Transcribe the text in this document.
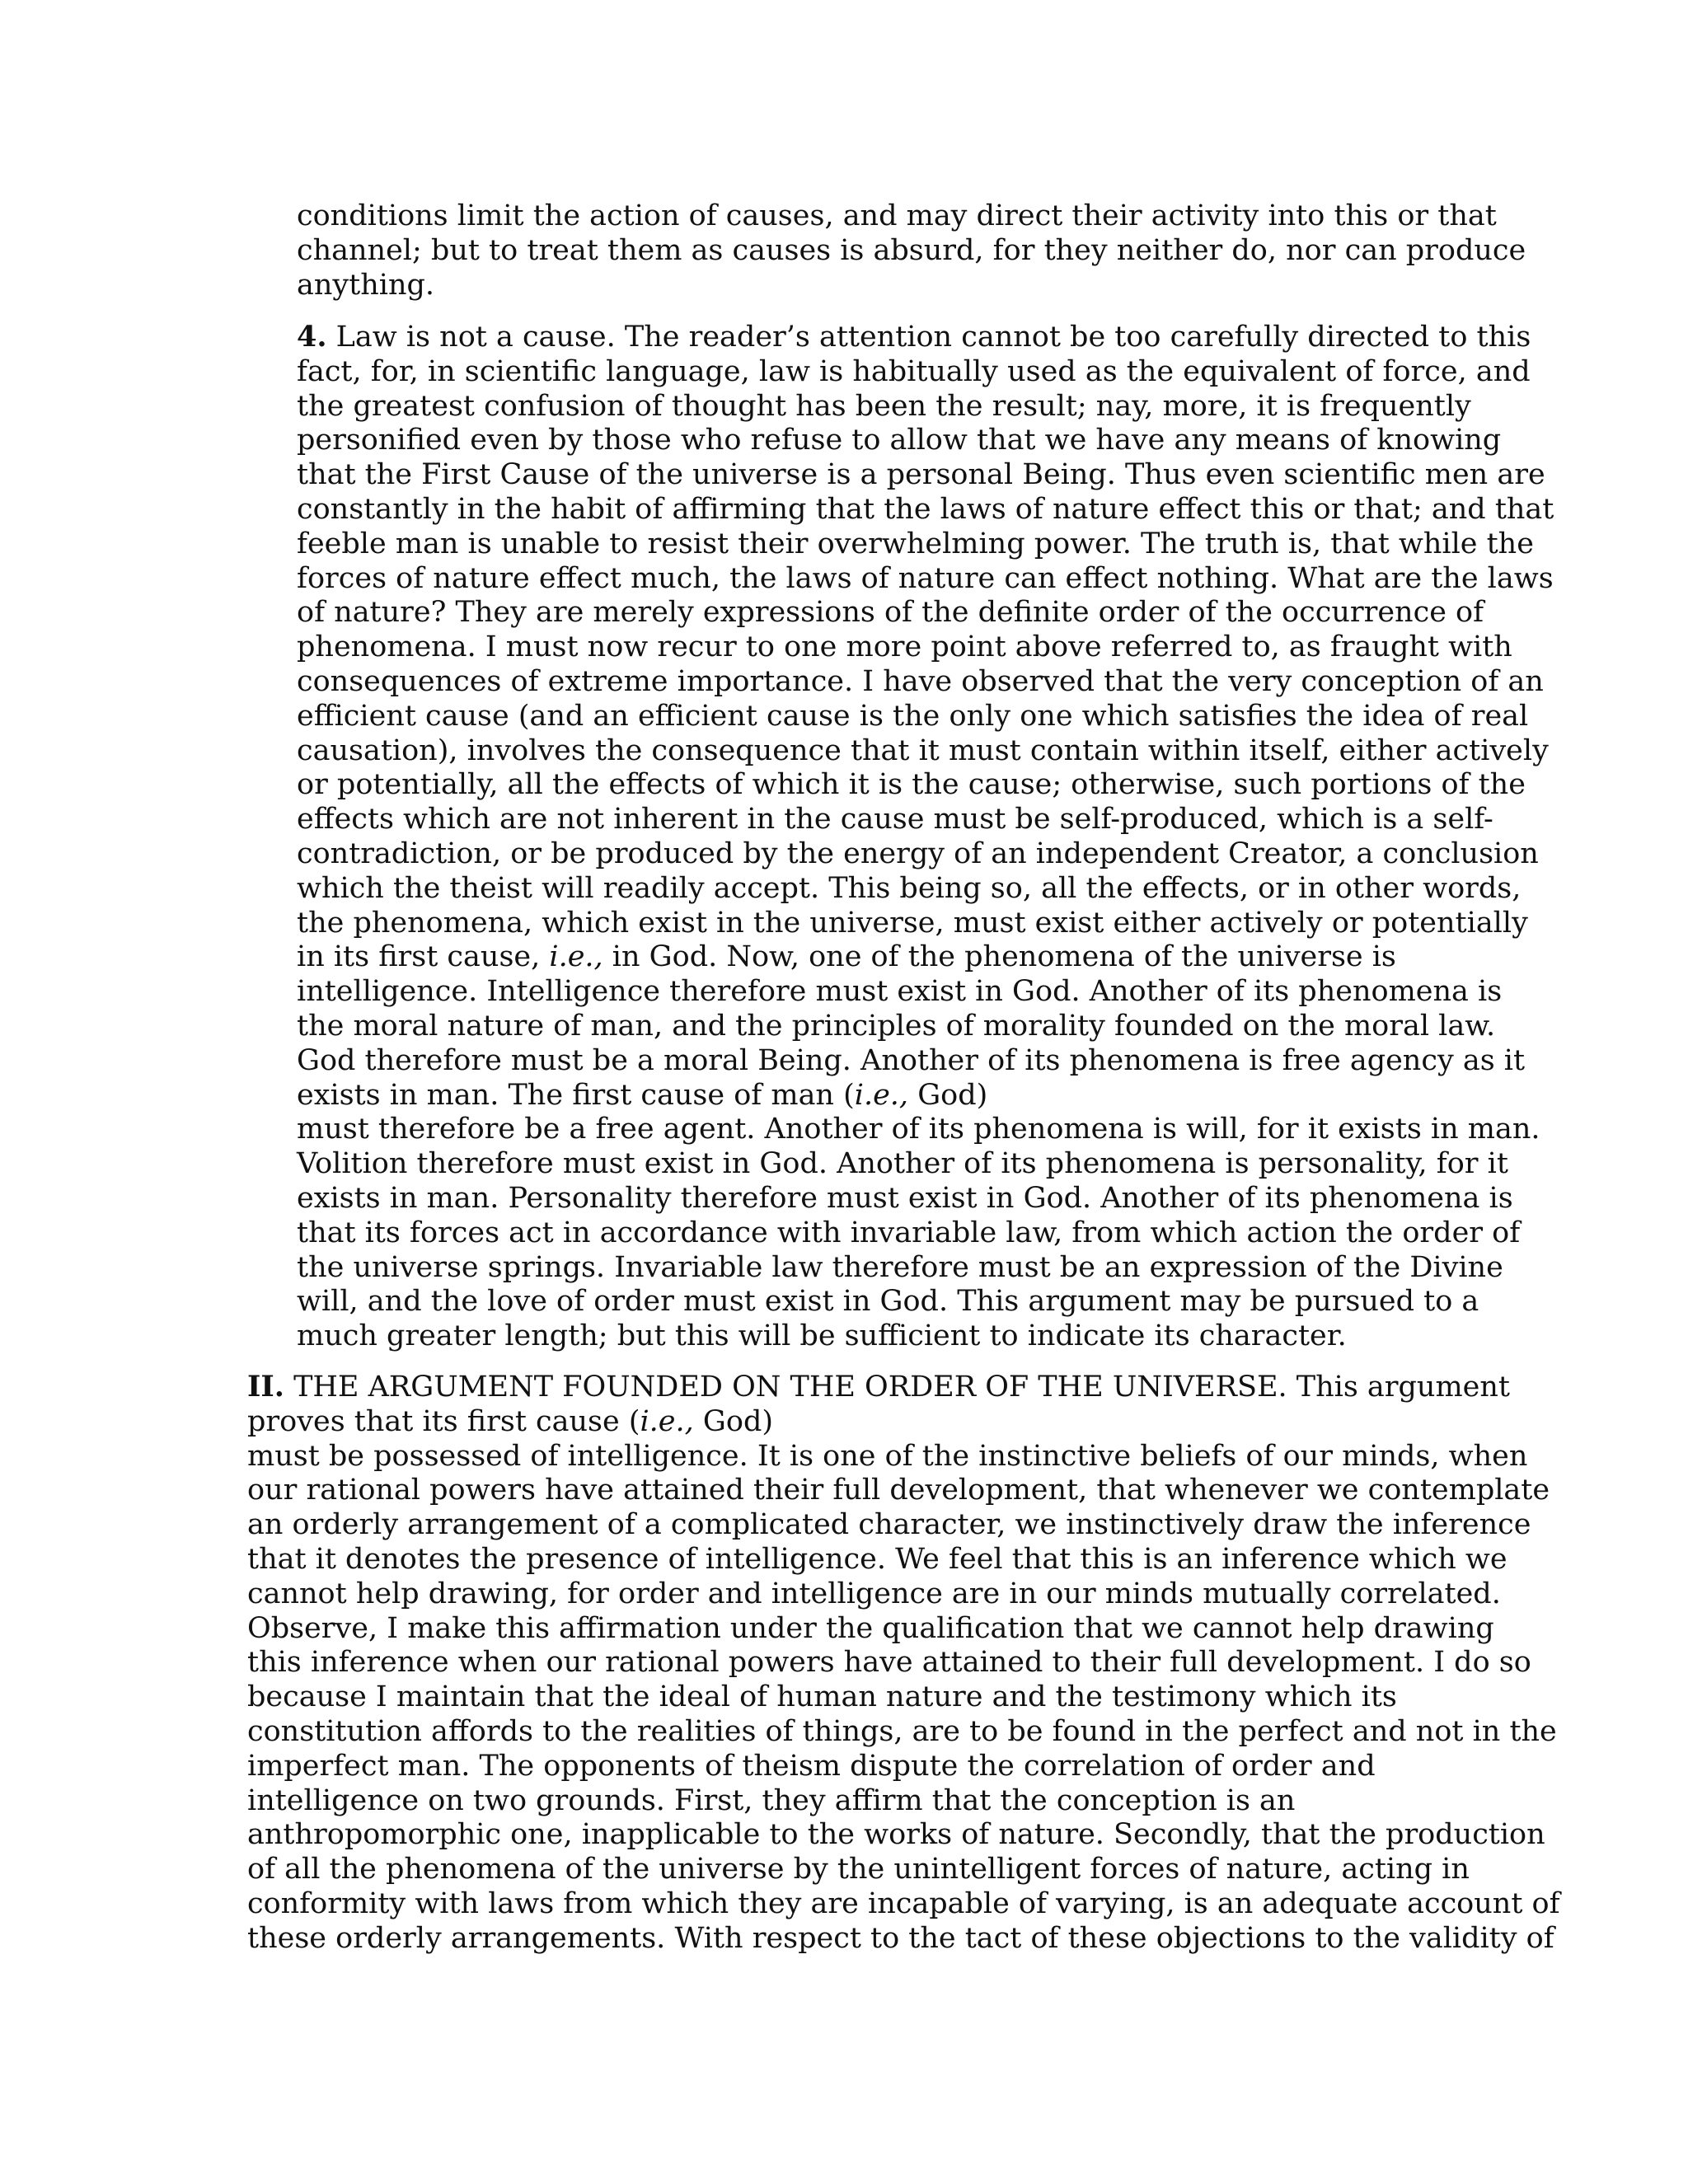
conditions limit the action of causes, and may direct their activity into this or that
channel; but to treat them as causes is absurd, for they neither do, nor can produce
anything.
4. Law is not a cause. The reader’s attention cannot be too carefully directed to this
fact, for, in scientific language, law is habitually used as the equivalent of force, and
the greatest confusion of thought has been the result; nay, more, it is frequently
personified even by those who refuse to allow that we have any means of knowing
that the First Cause of the universe is a personal Being. Thus even scientific men are
constantly in the habit of affirming that the laws of nature effect this or that; and that
feeble man is unable to resist their overwhelming power. The truth is, that while the
forces of nature effect much, the laws of nature can effect nothing. What are the laws
of nature? They are merely expressions of the definite order of the occurrence of
phenomena. I must now recur to one more point above referred to, as fraught with
consequences of extreme importance. I have observed that the very conception of an
efficient cause (and an efficient cause is the only one which satisfies the idea of real
causation), involves the consequence that it must contain within itself, either actively
or potentially, all the effects of which it is the cause; otherwise, such portions of the
effects which are not inherent in the cause must be self-produced, which is a self-
contradiction, or be produced by the energy of an independent Creator, a conclusion
which the theist will readily accept. This being so, all the effects, or in other words,
the phenomena, which exist in the universe, must exist either actively or potentially
in its first cause, i.e., in God. Now, one of the phenomena of the universe is
intelligence. Intelligence therefore must exist in God. Another of its phenomena is
the moral nature of man, and the principles of morality founded on the moral law.
God therefore must be a moral Being. Another of its phenomena is free agency as it
exists in man. The first cause of man (i.e., God)
must therefore be a free agent. Another of its phenomena is will, for it exists in man.
Volition therefore must exist in God. Another of its phenomena is personality, for it
exists in man. Personality therefore must exist in God. Another of its phenomena is
that its forces act in accordance with invariable law, from which action the order of
the universe springs. Invariable law therefore must be an expression of the Divine
will, and the love of order must exist in God. This argument may be pursued to a
much greater length; but this will be sufficient to indicate its character.
II. THE ARGUMENT FOUNDED ON THE ORDER OF THE UNIVERSE. This argument
proves that its first cause (i.e., God)
must be possessed of intelligence. It is one of the instinctive beliefs of our minds, when
our rational powers have attained their full development, that whenever we contemplate
an orderly arrangement of a complicated character, we instinctively draw the inference
that it denotes the presence of intelligence. We feel that this is an inference which we
cannot help drawing, for order and intelligence are in our minds mutually correlated.
Observe, I make this affirmation under the qualification that we cannot help drawing
this inference when our rational powers have attained to their full development. I do so
because I maintain that the ideal of human nature and the testimony which its
constitution affords to the realities of things, are to be found in the perfect and not in the
imperfect man. The opponents of theism dispute the correlation of order and
intelligence on two grounds. First, they affirm that the conception is an
anthropomorphic one, inapplicable to the works of nature. Secondly, that the production
of all the phenomena of the universe by the unintelligent forces of nature, acting in
conformity with laws from which they are incapable of varying, is an adequate account of
these orderly arrangements. With respect to the tact of these objections to the validity of
